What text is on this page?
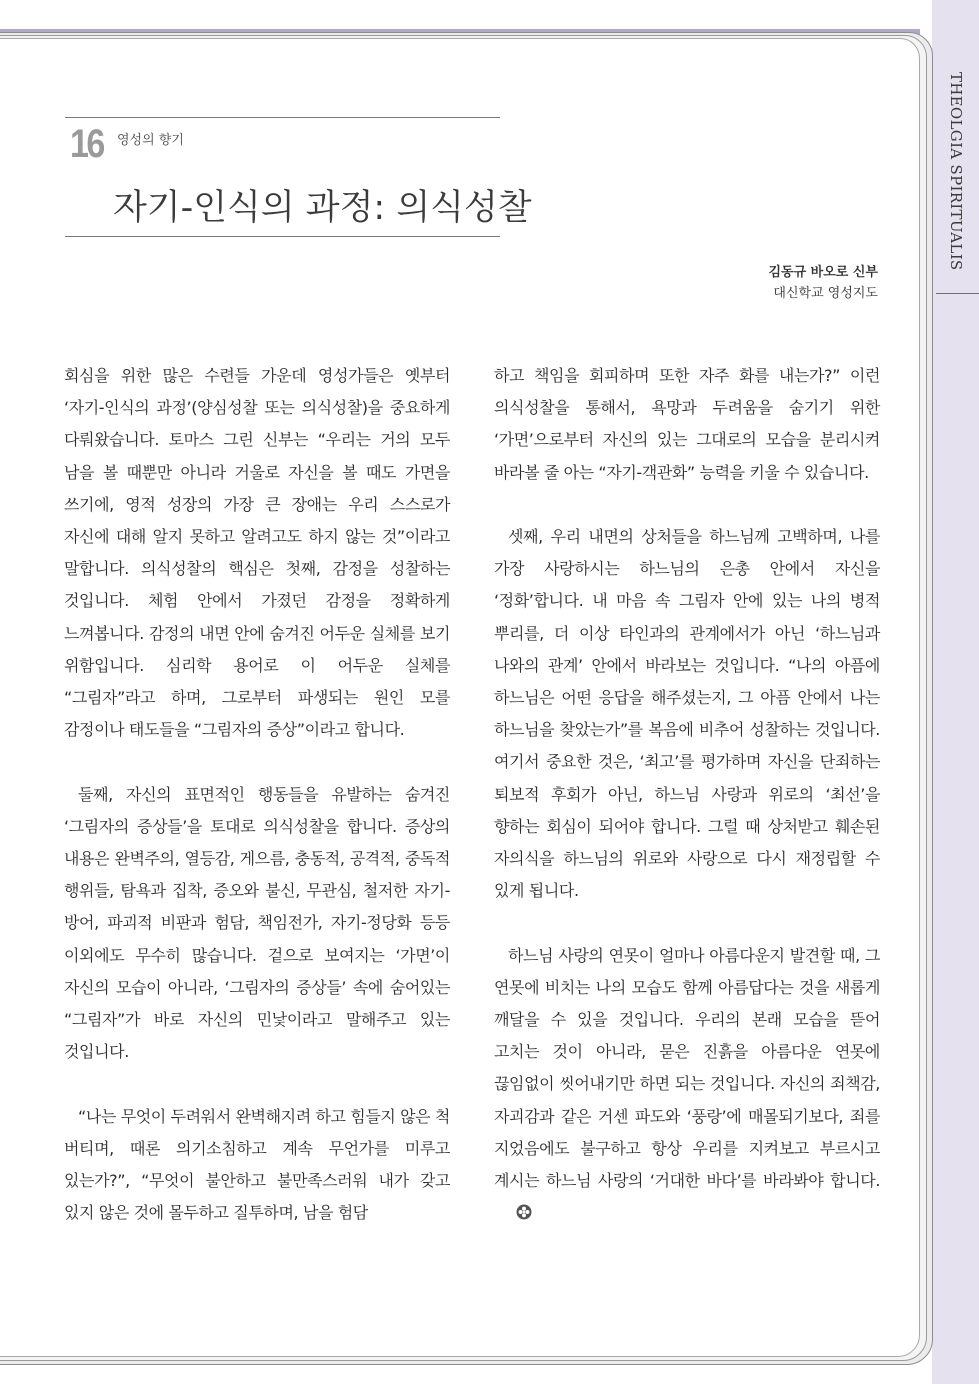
THEOLGIA SPIRITUALIS
16 영성의 향기
자기-인식의 과정: 의식성찰
김동규 바오로 신부
대신학교 영성지도

회심을 위한 많은 수련들 가운데 영성가들은 옛부터 ‘자기-인식의 과정’(양심성찰 또는 의식성찰)을 중요하게 다뤄왔습니다. 토마스 그린 신부는 “우리는 거의 모두 남을 볼 때뿐만 아니라 거울로 자신을 볼 때도 가면을 쓰기에, 영적 성장의 가장 큰 장애는 우리 스스로가 자신에 대해 알지 못하고 알려고도 하지 않는 것”이라고 말합니다. 의식성찰의 핵심은 첫째, 감정을 성찰하는 것입니다. 체험 안에서 가졌던 감정을 정확하게 느껴봅니다. 감정의 내면 안에 숨겨진 어두운 실체를 보기 위함입니다. 심리학 용어로 이 어두운 실체를 “그림자”라고 하며, 그로부터 파생되는 원인 모를 감정이나 태도들을 “그림자의 증상”이라고 합니다.

둘째, 자신의 표면적인 행동들을 유발하는 숨겨진 ‘그림자의 증상들’을 토대로 의식성찰을 합니다. 증상의 내용은 완벽주의, 열등감, 게으름, 충동적, 공격적, 중독적 행위들, 탐욕과 집착, 증오와 불신, 무관심, 철저한 자기-방어, 파괴적 비판과 험담, 책임전가, 자기-정당화 등등 이외에도 무수히 많습니다. 겉으로 보여지는 ‘가면’이 자신의 모습이 아니라, ‘그림자의 증상들’ 속에 숨어있는 “그림자”가 바로 자신의 민낯이라고 말해주고 있는 것입니다.

“나는 무엇이 두려워서 완벽해지려 하고 힘들지 않은 척 버티며, 때론 의기소침하고 계속 무언가를 미루고 있는가?”, “무엇이 불안하고 불만족스러워 내가 갖고 있지 않은 것에 몰두하고 질투하며, 남을 험담

하고 책임을 회피하며 또한 자주 화를 내는가?” 이런 의식성찰을 통해서, 욕망과 두려움을 숨기기 위한 ‘가면’으로부터 자신의 있는 그대로의 모습을 분리시켜 바라볼 줄 아는 “자기-객관화” 능력을 키울 수 있습니다.

셋째, 우리 내면의 상처들을 하느님께 고백하며, 나를 가장 사랑하시는 하느님의 은총 안에서 자신을 ‘정화’합니다. 내 마음 속 그림자 안에 있는 나의 병적 뿌리를, 더 이상 타인과의 관계에서가 아닌 ‘하느님과 나와의 관계’ 안에서 바라보는 것입니다. “나의 아픔에 하느님은 어떤 응답을 해주셨는지, 그 아픔 안에서 나는 하느님을 찾았는가”를 복음에 비추어 성찰하는 것입니다. 여기서 중요한 것은, ‘최고’를 평가하며 자신을 단죄하는 퇴보적 후회가 아닌, 하느님 사랑과 위로의 ‘최선’을 향하는 회심이 되어야 합니다. 그럴 때 상처받고 훼손된 자의식을 하느님의 위로와 사랑으로 다시 재정립할 수 있게 됩니다.

하느님 사랑의 연못이 얼마나 아름다운지 발견할 때, 그 연못에 비치는 나의 모습도 함께 아름답다는 것을 새롭게 깨달을 수 있을 것입니다. 우리의 본래 모습을 뜯어 고치는 것이 아니라, 묻은 진흙을 아름다운 연못에 끊임없이 씻어내기만 하면 되는 것입니다. 자신의 죄책감, 자괴감과 같은 거센 파도와 ‘풍랑’에 매몰되기보다, 죄를 지었음에도 불구하고 항상 우리를 지켜보고 부르시고 계시는 하느님 사랑의 ‘거대한 바다’를 바라봐야 합니다.
